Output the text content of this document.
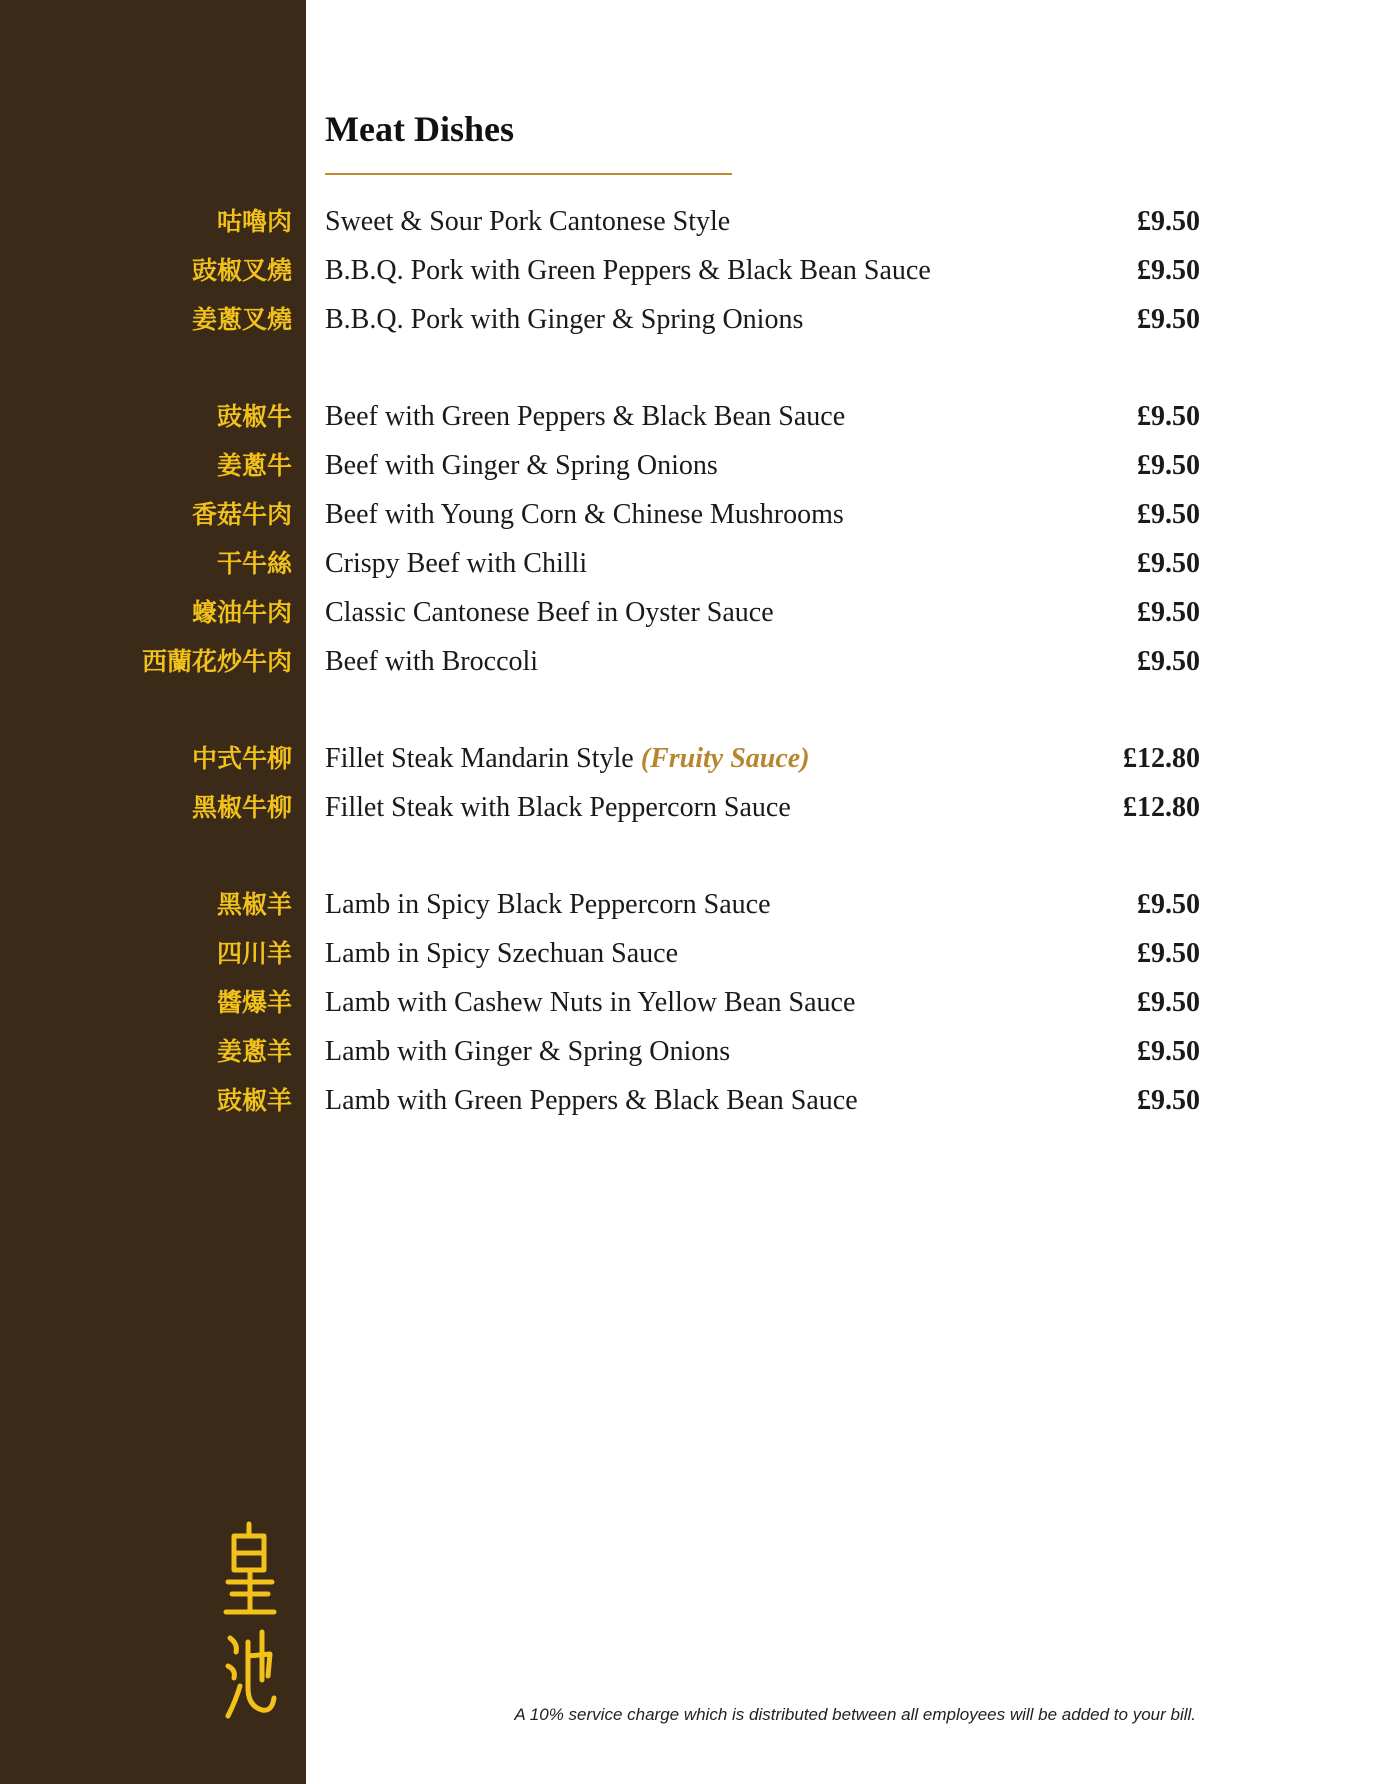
Meat Dishes
咕嚕肉 Sweet & Sour Pork Cantonese Style	£9.50
豉椒叉燒 B.B.Q. Pork with Green Peppers & Black Bean Sauce	£9.50
姜蔥叉燒 B.B.Q. Pork with Ginger & Spring Onions	£9.50
豉椒牛 Beef with Green Peppers & Black Bean Sauce	£9.50
姜蔥牛 Beef with Ginger & Spring Onions	£9.50
香菇牛肉 Beef with Young Corn & Chinese Mushrooms	£9.50
干牛絲 Crispy Beef with Chilli	£9.50
蠔油牛肉 Classic Cantonese Beef in Oyster Sauce	£9.50
西蘭花炒牛肉 Beef with Broccoli	£9.50
中式牛柳 Fillet Steak Mandarin Style (Fruity Sauce)	£12.80
黑椒牛柳 Fillet Steak with Black Peppercorn Sauce	£12.80
黑椒羊 Lamb in Spicy Black Peppercorn Sauce	£9.50
四川羊 Lamb in Spicy Szechuan Sauce	£9.50
醬爆羊 Lamb with Cashew Nuts in Yellow Bean Sauce	£9.50
姜蔥羊 Lamb with Ginger & Spring Onions	£9.50
豉椒羊 Lamb with Green Peppers & Black Bean Sauce	£9.50
A 10% service charge which is distributed between all employees will be added to your bill.
